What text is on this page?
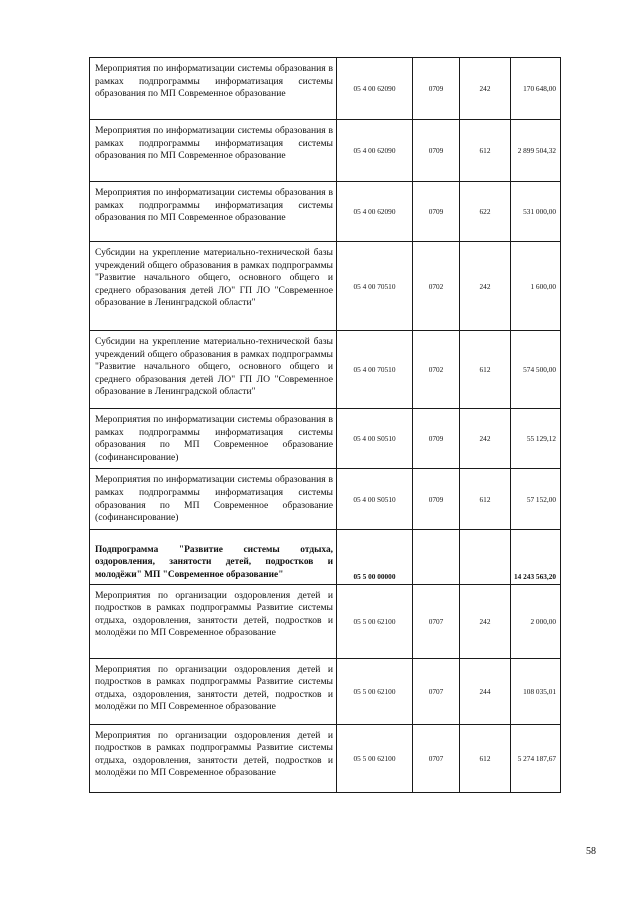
Мероприятия по информатизации системы образования в рамках подпрограммы информатизация системы образования по МП Современное образование	05 4 00 62090	0709	242	170 648,00

Мероприятия по информатизации системы образования в рамках подпрограммы информатизация системы образования по МП Современное образование	05 4 00 62090	0709	612	2 899 504,32

Мероприятия по информатизации системы образования в рамках подпрограммы информатизация системы образования по МП Современное образование	05 4 00 62090	0709	622	531 000,00

Субсидии на укрепление материально-технической базы учреждений общего образования в рамках подпрограммы "Развитие начального общего, основного общего и среднего образования детей ЛО" ГП ЛО "Современное образование в Ленинградской области"	05 4 00 70510	0702	242	1 600,00

Субсидии на укрепление материально-технической базы учреждений общего образования в рамках подпрограммы "Развитие начального общего, основного общего и среднего образования детей ЛО" ГП ЛО "Современное образование в Ленинградской области"	05 4 00 70510	0702	612	574 500,00

Мероприятия по информатизации системы образования в рамках подпрограммы информатизация системы образования по МП Современное образование (софинансирование)	05 4 00 S0510	0709	242	55 129,12

Мероприятия по информатизации системы образования в рамках подпрограммы информатизация системы образования по МП Современное образование (софинансирование)	05 4 00 S0510	0709	612	57 152,00

Подпрограмма "Развитие системы отдыха, оздоровления, занятости детей, подростков и молодёжи" МП "Современное образование"	05 5 00 00000			14 243 563,20

Мероприятия по организации оздоровления детей и подростков в рамках подпрограммы Развитие системы отдыха, оздоровления, занятости детей, подростков и молодёжи по МП Современное образование	05 5 00 62100	0707	242	2 000,00

Мероприятия по организации оздоровления детей и подростков в рамках подпрограммы Развитие системы отдыха, оздоровления, занятости детей, подростков и молодёжи по МП Современное образование	05 5 00 62100	0707	244	108 035,01

Мероприятия по организации оздоровления детей и подростков в рамках подпрограммы Развитие системы отдыха, оздоровления, занятости детей, подростков и молодёжи по МП Современное образование	05 5 00 62100	0707	612	5 274 187,67
58
